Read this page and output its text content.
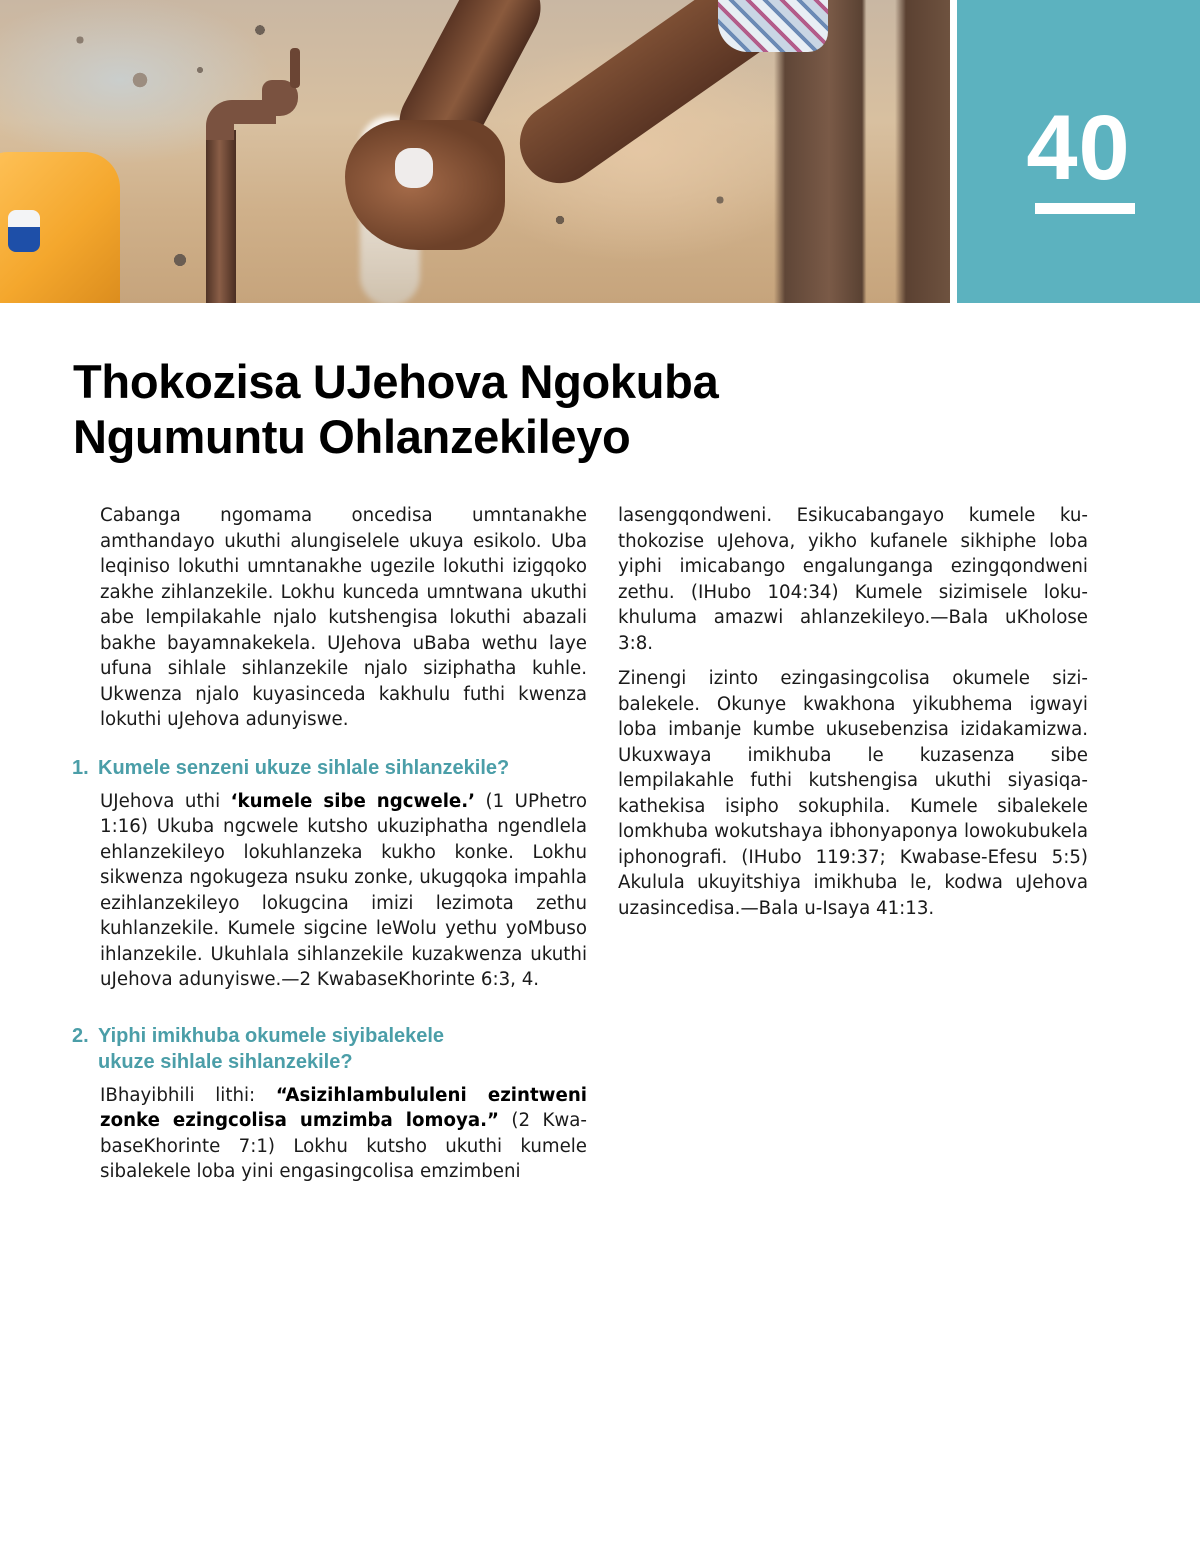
40
Thokozisa UJehova Ngokuba
Ngumuntu Ohlanzekileyo

Cabanga ngomama oncedisa umntanakhe amthandayo ukuthi alungiselele ukuya esikolo. Uba leqiniso lokuthi umntanakhe ugezile lokuthi izigqoko zakhe zihlanzekile. Lokhu kunceda umntwana ukuthi abe lempilakahle njalo kutshengisa lokuthi abazali bakhe bayamnakekela. UJehova uBaba wethu laye ufuna sihlale sihlanzekile njalo siziphatha kuhle. Ukwenza njalo kuyasinceda kakhulu futhi kwenza lokuthi uJehova adunyiswe.

1. Kumele senzeni ukuze sihlale sihlanzekile?

UJehova uthi ‘kumele sibe ngcwele.’ (1 UPhetro 1:16) Ukuba ngcwele kutsho ukuziphatha ngendlela ehlanzekileyo lokuhlanzeka kukho konke. Lokhu sikwenza ngokugeza nsuku zonke, ukugqoka impahla ezihlanzekileyo lokugcina imizi lezimota zethu kuhlanzekile. Kumele sigcine leWolu yethu yoMbuso ihlanzekile. Ukuhlala sihlanzekile kuzakwenza ukuthi uJehova adunyiswe.—2 KwabaseKhorinte 6:3, 4.

2. Yiphi imikhuba okumele siyibalekele
ukuze sihlale sihlanzekile?

IBhayibhili lithi: “Asizihlambululeni ezintweni zonke ezingcolisa umzimba lomoya.” (2 KwabaseKhorinte 7:1) Lokhu kutsho ukuthi kumele sibalekele loba yini engasingcolisa emzimbeni

lasengqondweni. Esikucabangayo kumele kuthokozise uJehova, yikho kufanele sikhiphe loba yiphi imicabango engalunganga ezingqondweni zethu. (IHubo 104:34) Kumele sizimisele lokukhuluma amazwi ahlanzekileyo.—Bala uKholose 3:8.

Zinengi izinto ezingasingcolisa okumele sizibalekele. Okunye kwakhona yikubhema igwayi loba imbanje kumbe ukusebenzisa izidakamizwa. Ukuxwaya imikhuba le kuzasenza sibe lempilakahle futhi kutshengisa ukuthi siyasiqakathekisa isipho sokuphila. Kumele sibalekele lomkhuba wokutshaya ibhonyaponya lowokubukela iphonografi. (IHubo 119:37; Kwabase-Efesu 5:5) Akulula ukuyitshiya imikhuba le, kodwa uJehova uzasincedisa.—Bala u-Isaya 41:13.
